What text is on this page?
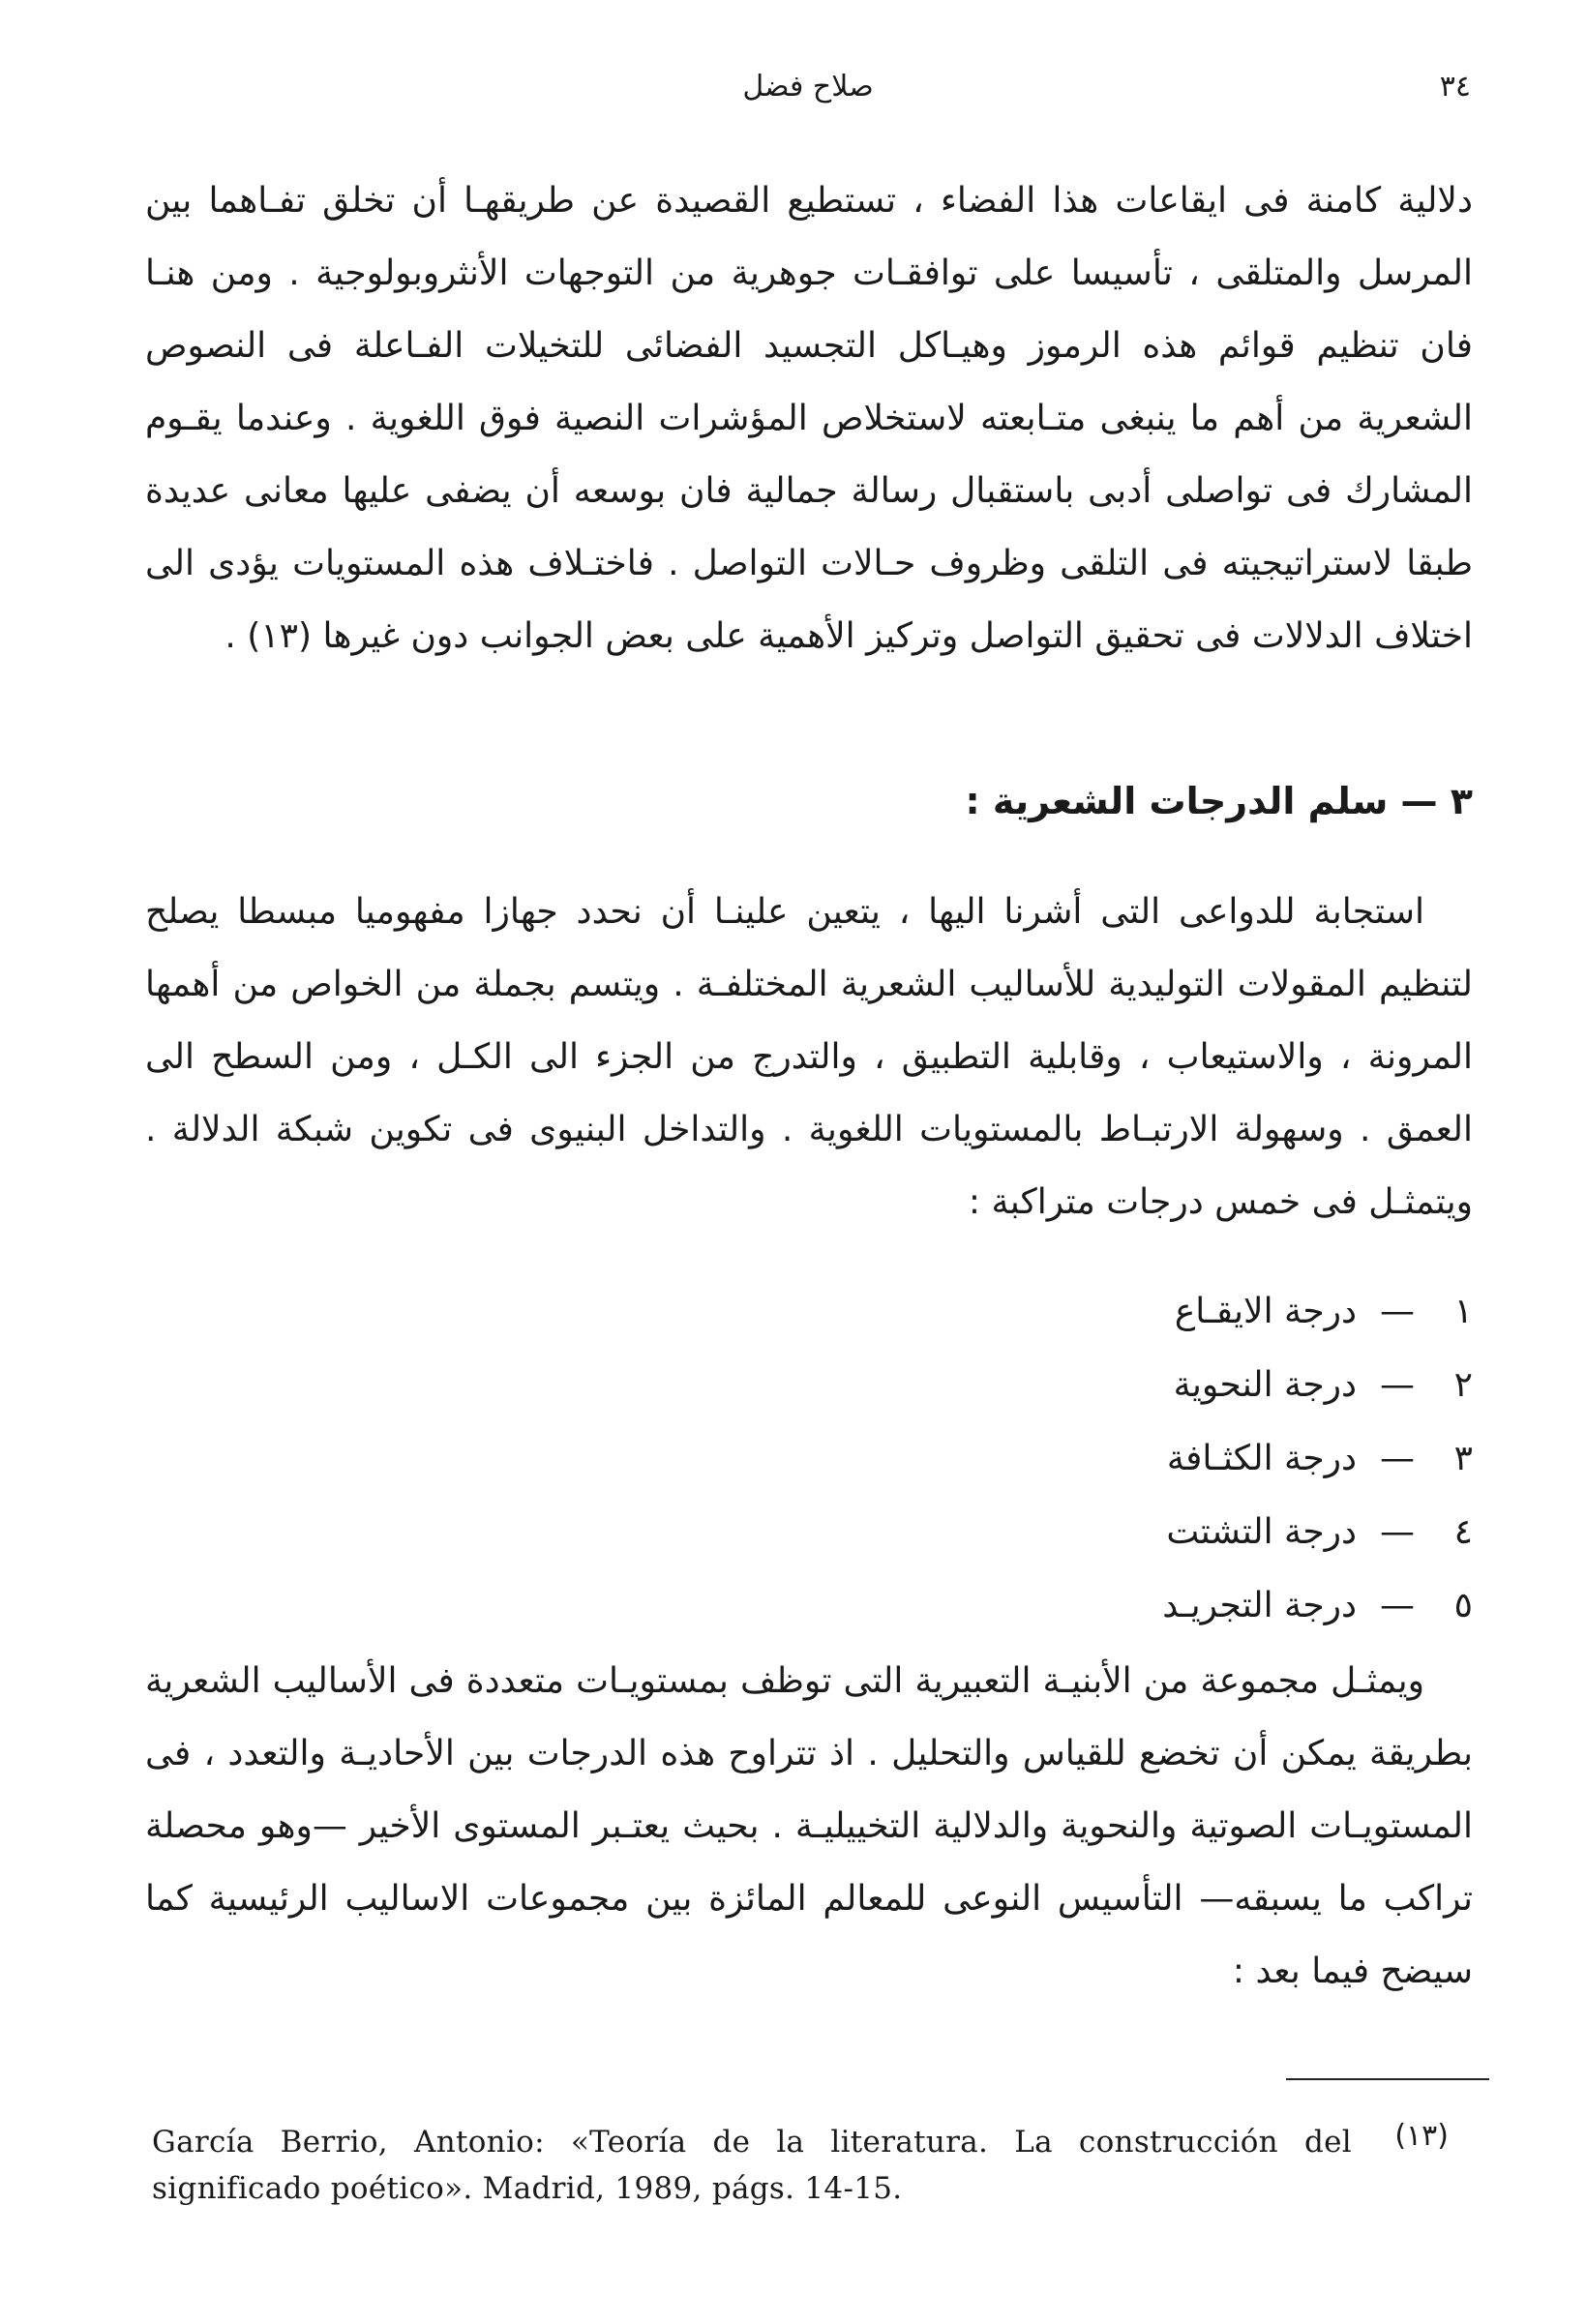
٣٤
صلاح فضل

دلالية كامنة فى ايقاعات هذا الفضاء ، تستطيع القصيدة عن طريقهـا أن تخلق تفـاهما بين المرسل والمتلقى ، تأسيسا على توافقـات جوهرية من التوجهات الأنثروبولوجية . ومن هنـا فان تنظيم قوائم هذه الرموز وهيـاكل التجسيد الفضائى للتخيلات الفـاعلة فى النصوص الشعرية من أهم ما ينبغى متـابعته لاستخلاص المؤشرات النصية فوق اللغوية . وعندما يقـوم المشارك فى تواصلى أدبى باستقبال رسالة جمالية فان بوسعه أن يضفى عليها معانى عديدة طبقا لاستراتيجيته فى التلقى وظروف حـالات التواصل . فاختـلاف هذه المستويات يؤدى الى اختلاف الدلالات فى تحقيق التواصل وتركيز الأهمية على بعض الجوانب دون غيرها (١٣) .

٣ — سلم الدرجات الشعرية :

استجابة للدواعى التى أشرنا اليها ، يتعين علينـا أن نحدد جهازا مفهوميا مبسطا يصلح لتنظيم المقولات التوليدية للأساليب الشعرية المختلفـة . ويتسم بجملة من الخواص من أهمها المرونة ، والاستيعاب ، وقابلية التطبيق ، والتدرج من الجزء الى الكـل ، ومن السطح الى العمق . وسهولة الارتبـاط بالمستويات اللغوية . والتداخل البنيوى فى تكوين شبكة الدلالة . ويتمثـل فى خمس درجات متراكبة :

١
—
درجة الايقـاع
٢
—
درجة النحوية
٣
—
درجة الكثـافة
٤
—
درجة التشتت
٥
—
درجة التجريـد

ويمثـل مجموعة من الأبنيـة التعبيرية التى توظف بمستويـات متعددة فى الأساليب الشعرية بطريقة يمكن أن تخضع للقياس والتحليل . اذ تتراوح هذه الدرجات بين الأحاديـة والتعدد ، فى المستويـات الصوتية والنحوية والدلالية التخييليـة . بحيث يعتـبر المستوى الأخير —وهو محصلة تراكب ما يسبقه— التأسيس النوعى للمعالم المائزة بين مجموعات الاساليب الرئيسية كما سيضح فيما بعد :

(١٣)
García Berrio, Antonio: «Teoría de la literatura. La construcción del significado poético». Madrid, 1989, págs. 14-15.
